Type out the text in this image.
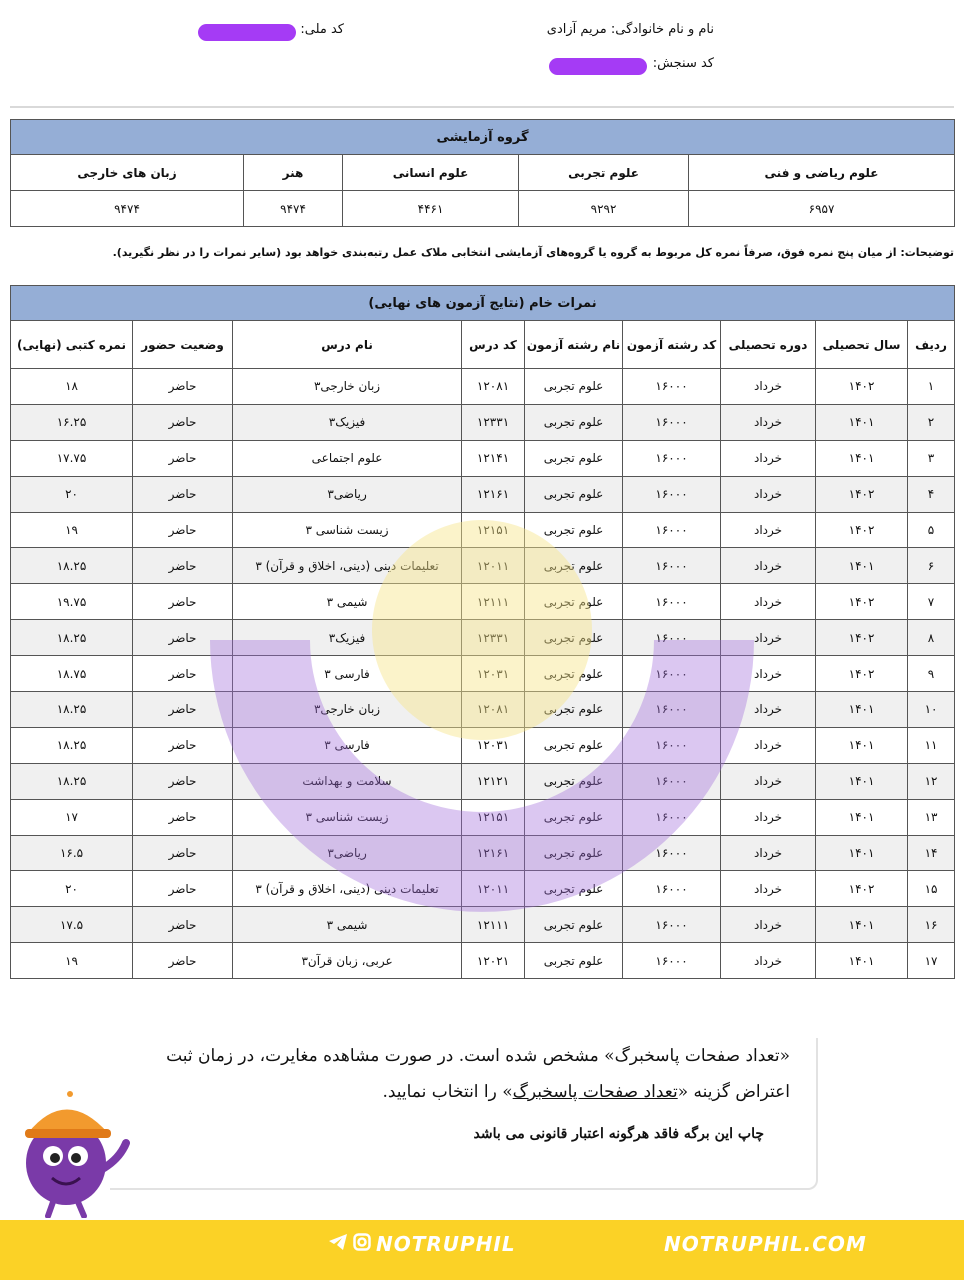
نام و نام خانوادگی: مریم آزادی
کد ملی:
کد سنجش:
گروه آزمایشی				
علوم ریاضی و فنی	علوم تجربی	علوم انسانی	هنر	زبان های خارجی
۶۹۵۷	۹۲۹۲	۴۴۶۱	۹۴۷۴	۹۴۷۴
توضیحات: از میان پنج نمره فوق، صرفاً نمره کل مربوط به گروه یا گروه‌های آزمایشی انتخابی ملاک عمل رتبه‌بندی خواهد بود (سایر نمرات را در نظر نگیرید).
نمرات خام (نتایج آزمون های نهایی)								
ردیف	سال تحصیلی	دوره تحصیلی	کد رشته آزمون	نام رشته آزمون	کد درس	نام درس	وضعیت حضور	نمره کتبی (نهایی)
۱	۱۴۰۲	خرداد	۱۶۰۰۰	علوم تجربی	۱۲۰۸۱	زبان خارجی۳	حاضر	۱۸
۲	۱۴۰۱	خرداد	۱۶۰۰۰	علوم تجربی	۱۲۳۳۱	فیزیک۳	حاضر	۱۶.۲۵
۳	۱۴۰۱	خرداد	۱۶۰۰۰	علوم تجربی	۱۲۱۴۱	علوم اجتماعی	حاضر	۱۷.۷۵
۴	۱۴۰۲	خرداد	۱۶۰۰۰	علوم تجربی	۱۲۱۶۱	ریاضی۳	حاضر	۲۰
۵	۱۴۰۲	خرداد	۱۶۰۰۰	علوم تجربی	۱۲۱۵۱	زیست شناسی ۳	حاضر	۱۹
۶	۱۴۰۱	خرداد	۱۶۰۰۰	علوم تجربی	۱۲۰۱۱	تعلیمات دینی (دینی، اخلاق و قرآن) ۳	حاضر	۱۸.۲۵
۷	۱۴۰۲	خرداد	۱۶۰۰۰	علوم تجربی	۱۲۱۱۱	شیمی ۳	حاضر	۱۹.۷۵
۸	۱۴۰۲	خرداد	۱۶۰۰۰	علوم تجربی	۱۲۳۳۱	فیزیک۳	حاضر	۱۸.۲۵
۹	۱۴۰۲	خرداد	۱۶۰۰۰	علوم تجربی	۱۲۰۳۱	فارسی ۳	حاضر	۱۸.۷۵
۱۰	۱۴۰۱	خرداد	۱۶۰۰۰	علوم تجربی	۱۲۰۸۱	زبان خارجی۳	حاضر	۱۸.۲۵
۱۱	۱۴۰۱	خرداد	۱۶۰۰۰	علوم تجربی	۱۲۰۳۱	فارسی ۳	حاضر	۱۸.۲۵
۱۲	۱۴۰۱	خرداد	۱۶۰۰۰	علوم تجربی	۱۲۱۲۱	سلامت و بهداشت	حاضر	۱۸.۲۵
۱۳	۱۴۰۱	خرداد	۱۶۰۰۰	علوم تجربی	۱۲۱۵۱	زیست شناسی ۳	حاضر	۱۷
۱۴	۱۴۰۱	خرداد	۱۶۰۰۰	علوم تجربی	۱۲۱۶۱	ریاضی۳	حاضر	۱۶.۵
۱۵	۱۴۰۲	خرداد	۱۶۰۰۰	علوم تجربی	۱۲۰۱۱	تعلیمات دینی (دینی، اخلاق و قرآن) ۳	حاضر	۲۰
۱۶	۱۴۰۱	خرداد	۱۶۰۰۰	علوم تجربی	۱۲۱۱۱	شیمی ۳	حاضر	۱۷.۵
۱۷	۱۴۰۱	خرداد	۱۶۰۰۰	علوم تجربی	۱۲۰۲۱	عربی، زبان قرآن۳	حاضر	۱۹
«تعداد صفحات پاسخبرگ» مشخص شده است. در صورت مشاهده مغایرت، در زمان ثبت
اعتراض گزینه «تعداد صفحات پاسخبرگ» را انتخاب نمایید.
چاپ این برگه فاقد هرگونه اعتبار قانونی می باشد
NOTRUPHIL	NOTRUPHIL.COM
